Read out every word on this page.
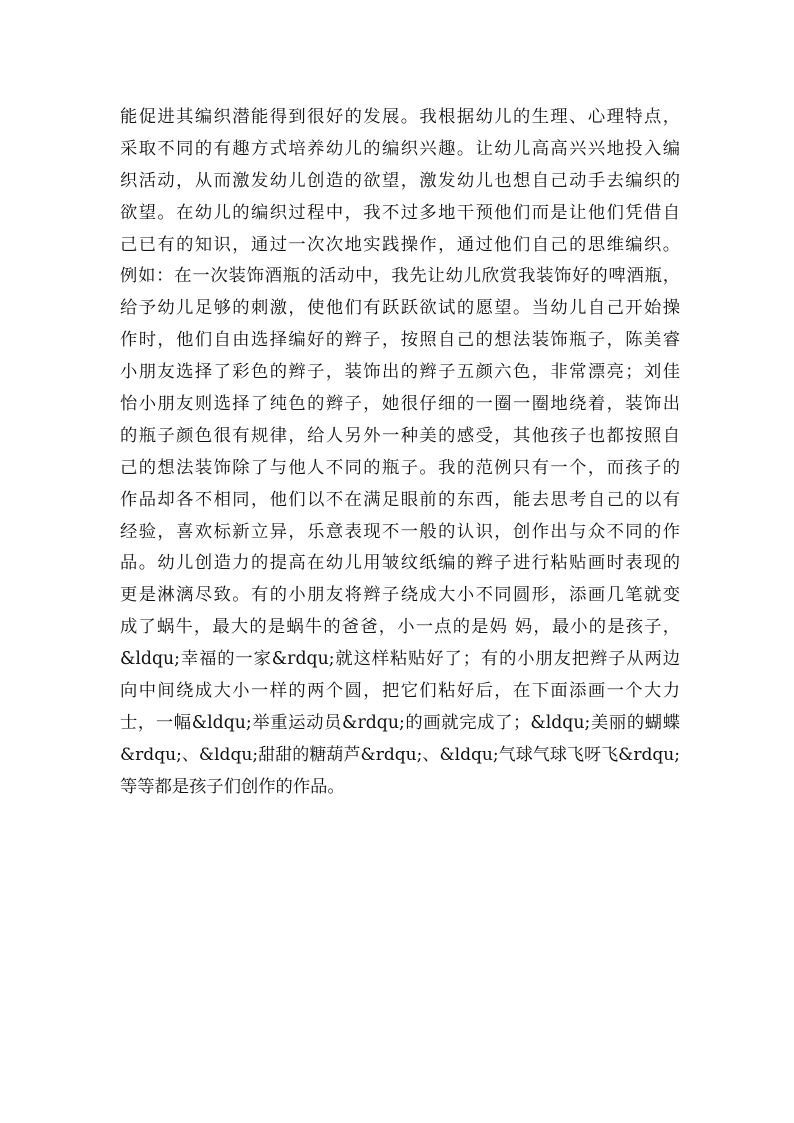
能促进其编织潜能得到很好的发展。我根据幼儿的生理、心理特点，
采取不同的有趣方式培养幼儿的编织兴趣。让幼儿高高兴兴地投入编
织活动，从而激发幼儿创造的欲望，激发幼儿也想自己动手去编织的
欲望。在幼儿的编织过程中，我不过多地干预他们而是让他们凭借自
己已有的知识，通过一次次地实践操作，通过他们自己的思维编织。
例如：在一次装饰酒瓶的活动中，我先让幼儿欣赏我装饰好的啤酒瓶，
给予幼儿足够的刺激，使他们有跃跃欲试的愿望。当幼儿自己开始操
作时，他们自由选择编好的辫子，按照自己的想法装饰瓶子，陈美睿
小朋友选择了彩色的辫子，装饰出的辫子五颜六色，非常漂亮；刘佳
怡小朋友则选择了纯色的辫子，她很仔细的一圈一圈地绕着，装饰出
的瓶子颜色很有规律，给人另外一种美的感受，其他孩子也都按照自
己的想法装饰除了与他人不同的瓶子。我的范例只有一个，而孩子的
作品却各不相同，他们以不在满足眼前的东西，能去思考自己的以有
经验，喜欢标新立异，乐意表现不一般的认识，创作出与众不同的作
品。幼儿创造力的提高在幼儿用皱纹纸编的辫子进行粘贴画时表现的
更是淋漓尽致。有的小朋友将辫子绕成大小不同圆形，添画几笔就变
成了蜗牛，最大的是蜗牛的爸爸，小一点的是妈 妈，最小的是孩子，
&ldqu;幸福的一家&rdqu;就这样粘贴好了；有的小朋友把辫子从两边
向中间绕成大小一样的两个圆，把它们粘好后，在下面添画一个大力
士，一幅&ldqu;举重运动员&rdqu;的画就完成了；&ldqu;美丽的蝴蝶
&rdqu;、&ldqu;甜甜的糖葫芦&rdqu;、&ldqu;气球气球飞呀飞&rdqu;
等等都是孩子们创作的作品。
